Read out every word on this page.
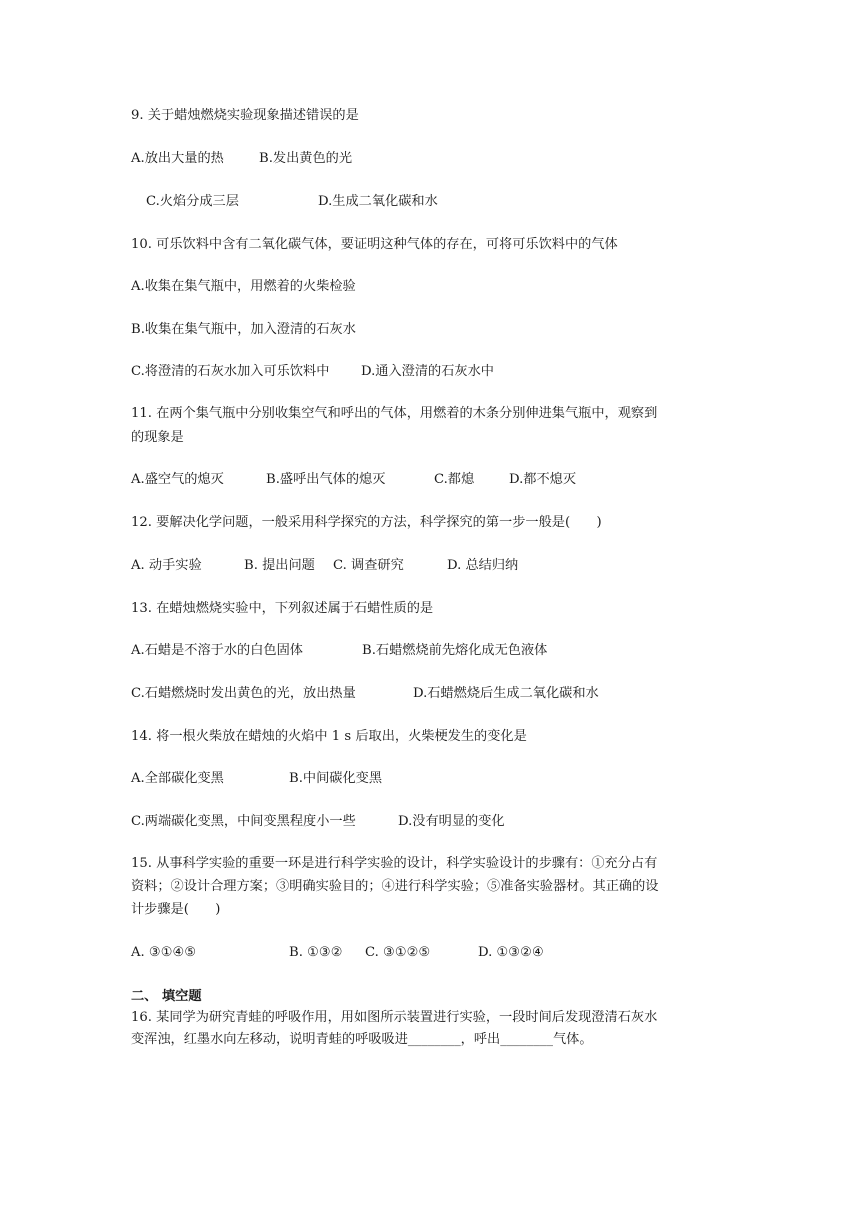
9. 关于蜡烛燃烧实验现象描述错误的是
A.放出大量的热	B.发出黄色的光
C.火焰分成三层	D.生成二氧化碳和水
10. 可乐饮料中含有二氧化碳气体，要证明这种气体的存在，可将可乐饮料中的气体
A.收集在集气瓶中，用燃着的火柴检验
B.收集在集气瓶中，加入澄清的石灰水
C.将澄清的石灰水加入可乐饮料中 D.通入澄清的石灰水中
11. 在两个集气瓶中分别收集空气和呼出的气体，用燃着的木条分别伸进集气瓶中，观察到
的现象是
A.盛空气的熄灭	B.盛呼出气体的熄灭	C.都熄	D.都不熄灭
12. 要解决化学问题，一般采用科学探究的方法，科学探究的第一步一般是(　　)
A. 动手实验	B. 提出问题 C. 调查研究	D. 总结归纳
13. 在蜡烛燃烧实验中，下列叙述属于石蜡性质的是
A.石蜡是不溶于水的白色固体	B.石蜡燃烧前先熔化成无色液体
C.石蜡燃烧时发出黄色的光，放出热量	D.石蜡燃烧后生成二氧化碳和水
14. 将一根火柴放在蜡烛的火焰中 1 s 后取出，火柴梗发生的变化是
A.全部碳化变黑	B.中间碳化变黑
C.两端碳化变黑，中间变黑程度小一些	D.没有明显的变化
15. 从事科学实验的重要一环是进行科学实验的设计，科学实验设计的步骤有：①充分占有
资料；②设计合理方案；③明确实验目的；④进行科学实验；⑤准备实验器材。其正确的设
计步骤是(　　)
A. ③①④⑤	B. ①③② C. ③①②⑤	D. ①③②④
二、 填空题
16. 某同学为研究青蛙的呼吸作用，用如图所示装置进行实验，一段时间后发现澄清石灰水
变浑浊，红墨水向左移动，说明青蛙的呼吸吸进________，呼出________气体。
